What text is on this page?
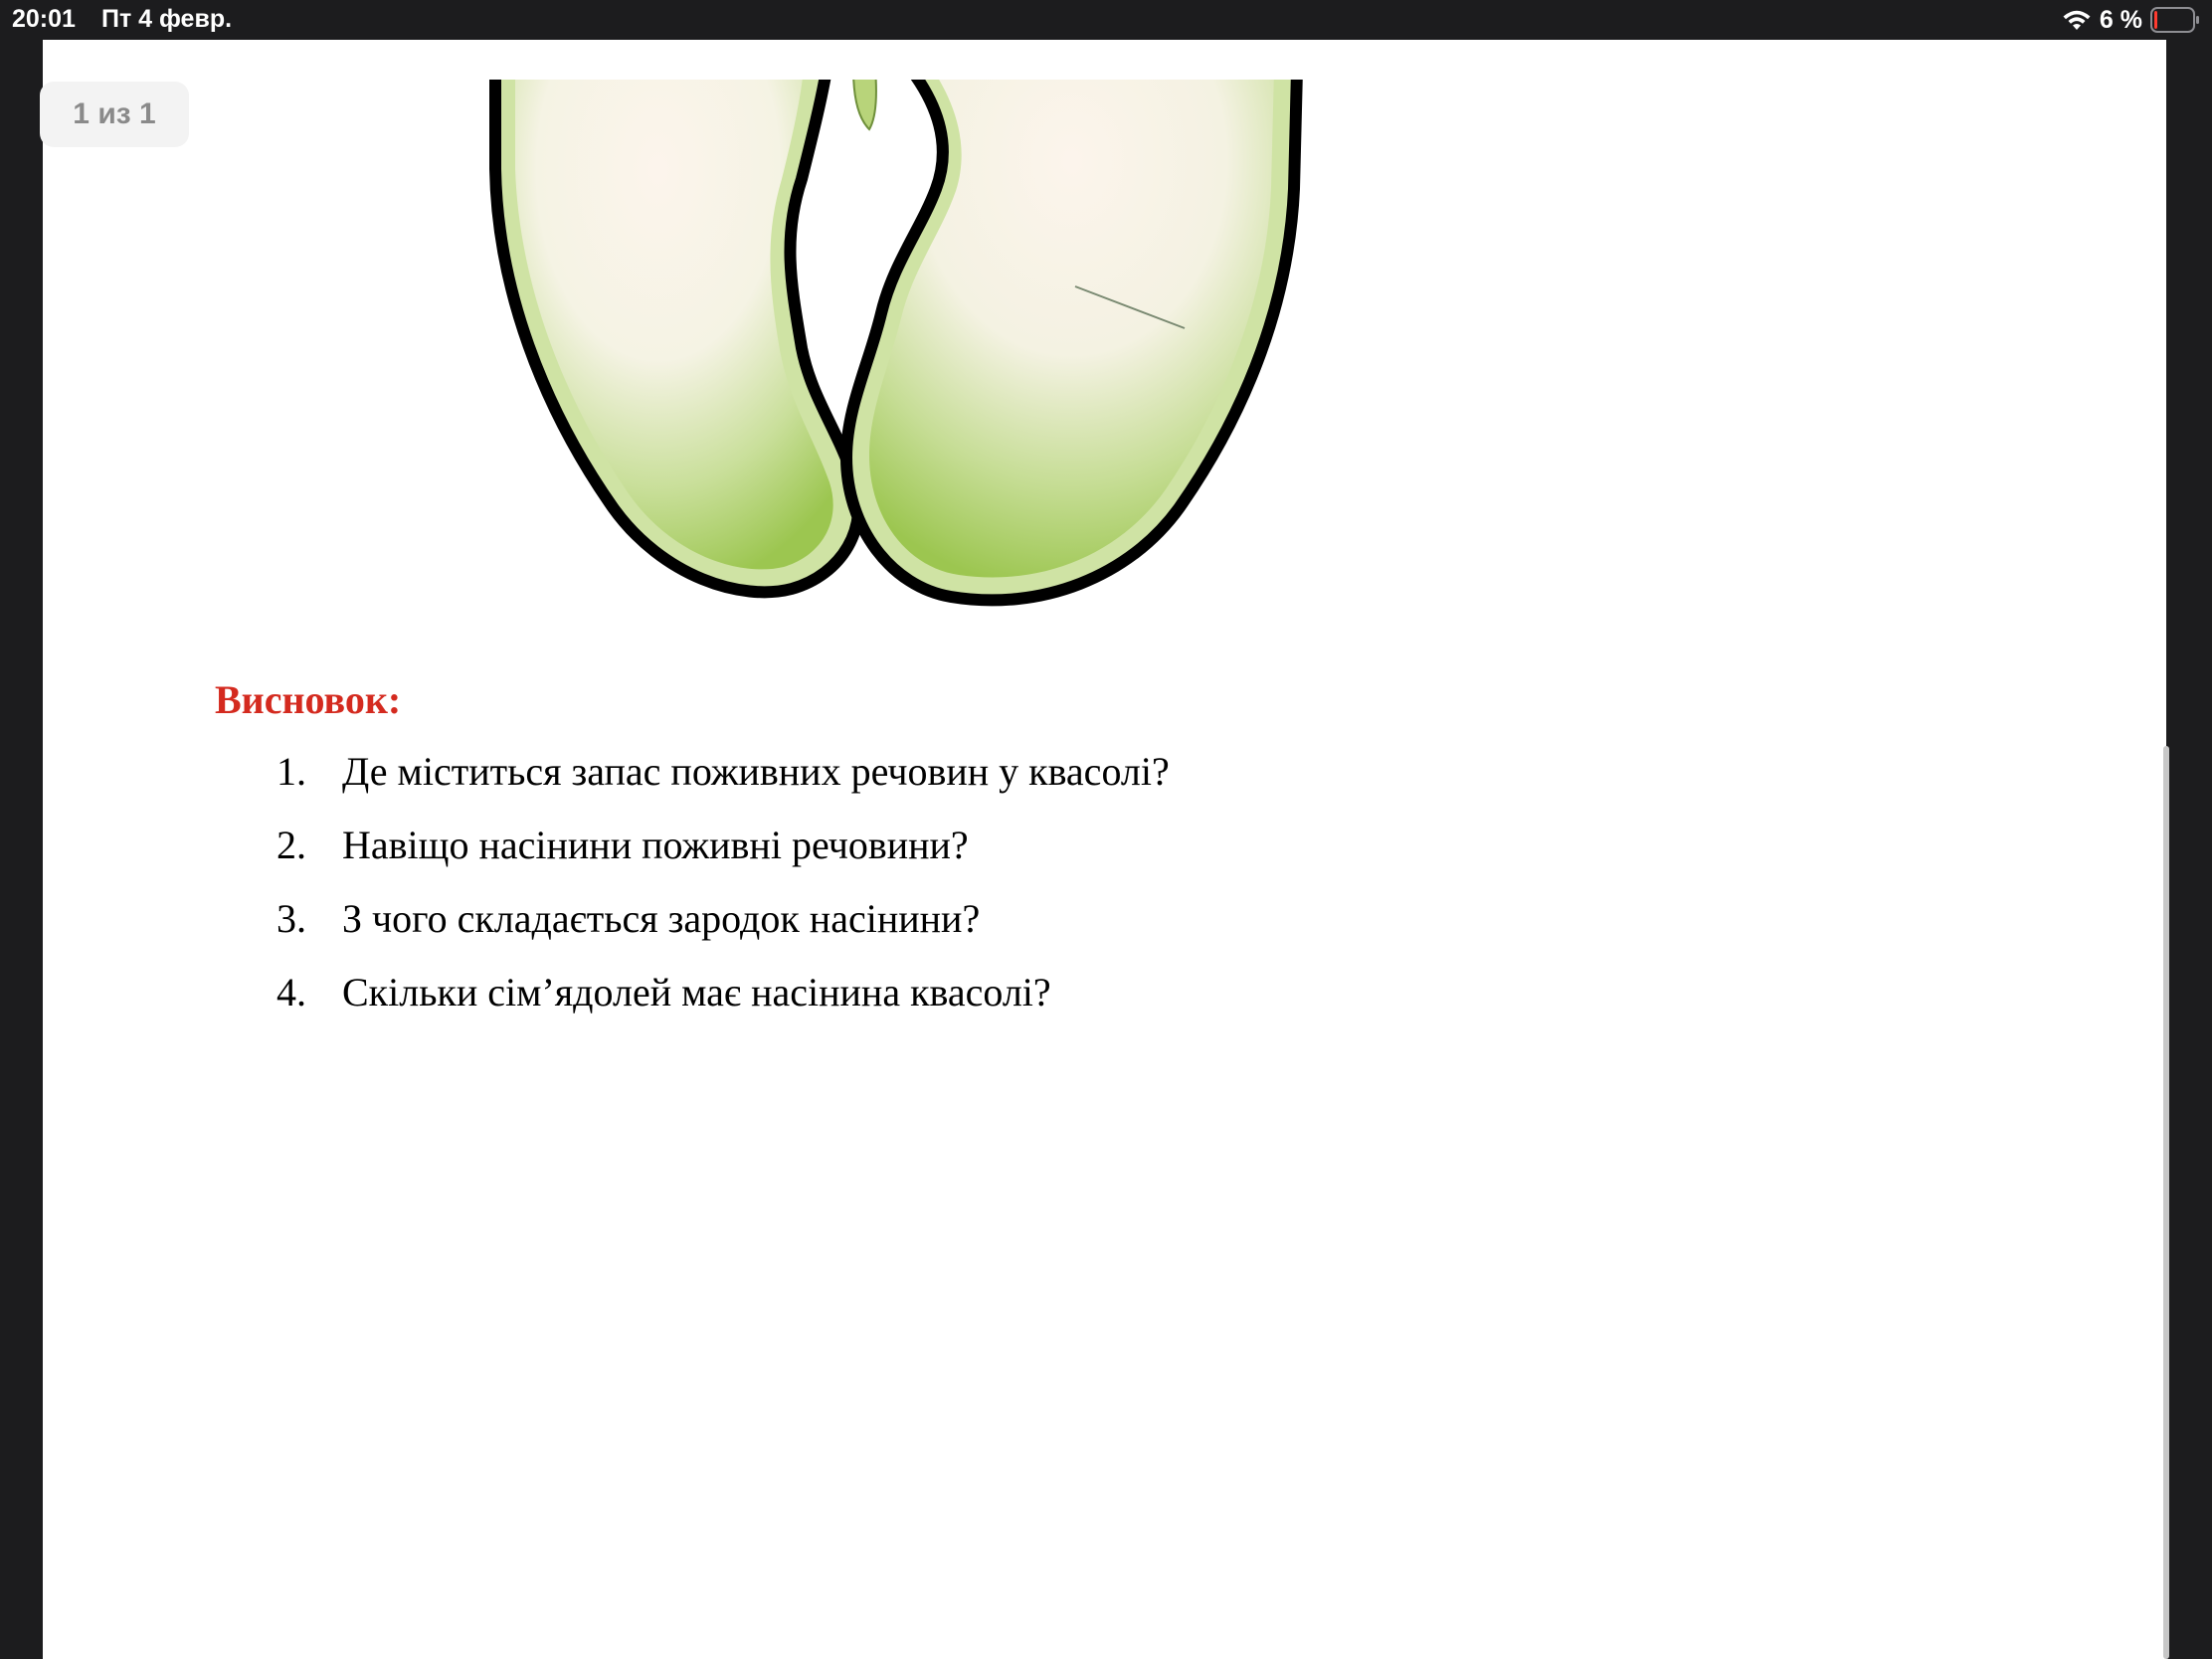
20:01 Пт 4 февр.	6 %
Висновок:
1. Де міститься запас поживних речовин у квасолі?
2. Навіщо насінини поживні речовини?
3. З чого складається зародок насінини?
4. Скільки сім’ядолей має насінина квасолі?
1 из 1
